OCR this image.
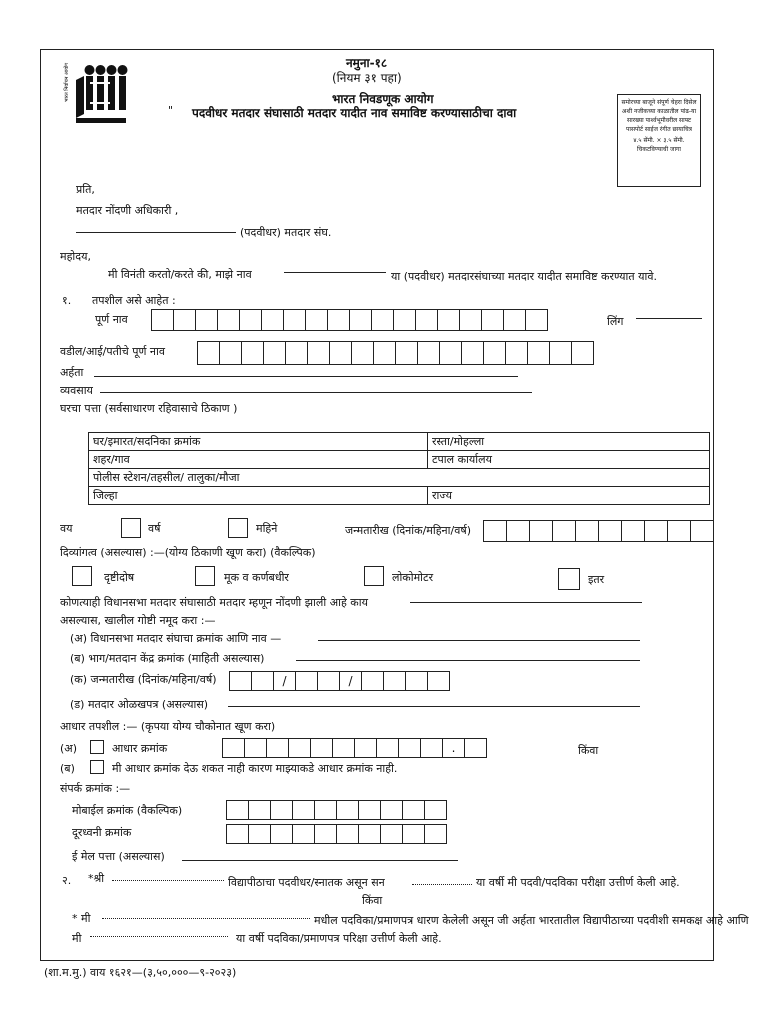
भारत निर्वाचन आयोग	नमुना-१८
(नियम ३१ पहा)
भारत निवडणूक आयोग
" पदवीधर मतदार संघासाठी मतदार यादीत नाव समाविष्ट करण्यासाठीचा दावा
समोरच्या बाजूने संपूर्ण चेहरा दिसेल अशी नजीकच्या काळातील पांढ-या सारख्या पार्श्वभूमीवरील साफ्ट पासपोर्ट साईज रंगीत छायाचित्र
४.५ सेंमी. × ३.५ सेंमी.
चिकटविण्याची जागा
प्रति,
मतदार नोंदणी अधिकारी ,
(पदवीधर) मतदार संघ.
महोदय,
मी विनंती करतो/करते की, माझे नाव	या (पदवीधर) मतदारसंघाच्या मतदार यादीत समाविष्ट करण्यात यावे.
१. तपशील असे आहेत :
पूर्ण नाव	लिंग
वडील/आई/पतीचे पूर्ण नाव
अर्हता
व्यवसाय
घरचा पत्ता (सर्वसाधारण रहिवासाचे ठिकाण )
घर/इमारत/सदनिका क्रमांक	रस्ता/मोहल्ला
शहर/गाव	टपाल कार्यालय
पोलीस स्टेशन/तहसील/ तालुका/मौजा	
जिल्हा	राज्य
वय	वर्ष	महिने	जन्मतारीख (दिनांक/महिना/वर्ष)
दिव्यांगत्व (असल्यास) :—(योग्य ठिकाणी खूण करा) (वैकल्पिक)
दृष्टीदोष	मूक व कर्णबधीर	लोकोमोटर	इतर
कोणत्याही विधानसभा मतदार संघासाठी मतदार म्हणून नोंदणी झाली आहे काय
असल्यास, खालील गोष्टी नमूद करा :—
(अ) विधानसभा मतदार संघाचा क्रमांक आणि नाव —
(ब) भाग/मतदान केंद्र क्रमांक (माहिती असल्यास)
(क) जन्मतारीख (दिनांक/महिना/वर्ष)	/	/
(ड) मतदार ओळखपत्र (असल्यास)
आधार तपशील :— (कृपया योग्य चौकोनात खूण करा)
(अ)	आधार क्रमांक	.	किंवा
(ब)	मी आधार क्रमांक देऊ शकत नाही कारण माझ्याकडे आधार क्रमांक नाही.
संपर्क क्रमांक :—
मोबाईल क्रमांक (वैकल्पिक)
दूरध्वनी क्रमांक
ई मेल पत्ता (असल्यास)
२. *श्री	विद्यापीठाचा पदवीधर/स्नातक असून सन	या वर्षी मी पदवी/पदविका परीक्षा उत्तीर्ण केली आहे.
किंवा
* मी	मधील पदविका/प्रमाणपत्र धारण केलेली असून जी अर्हता भारतातील विद्यापीठाच्या पदवीशी समकक्ष आहे आणि
मी	या वर्षी पदविका/प्रमाणपत्र परिक्षा उत्तीर्ण केली आहे.
(शा.म.मु.) वाय १६२१—(३,५०,०००—९-२०२३)
